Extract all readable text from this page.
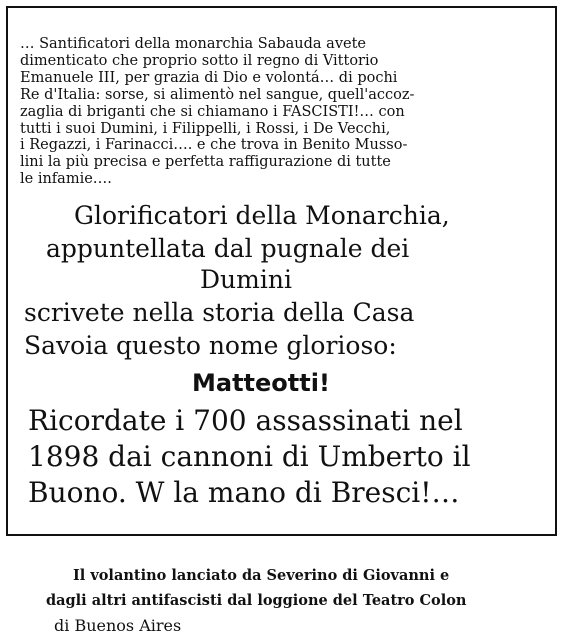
… Santificatori della monarchia Sabauda avete
dimenticato che proprio sotto il regno di Vittorio
Emanuele III, per grazia di Dio e volontá… di pochi
Re d'Italia: sorse, si alimentò nel sangue, quell'accoz-
zaglia di briganti che si chiamano i FASCISTI!… con
tutti i suoi Dumini, i Filippelli, i Rossi, i De Vecchi,
i Regazzi, i Farinacci…. e che trova in Benito Musso-
lini la più precisa e perfetta raffigurazione di tutte
le infamie….
Glorificatori della Monarchia,
appuntellata dal pugnale dei
Dumini
scrivete nella storia della Casa
Savoia questo nome glorioso:
Matteotti!
Ricordate i 700 assassinati nel
1898 dai cannoni di Umberto il
Buono. W la mano di Bresci!…
Il volantino lanciato da Severino di Giovanni e
dagli altri antifascisti dal loggione del Teatro Colon
di Buenos Aires
